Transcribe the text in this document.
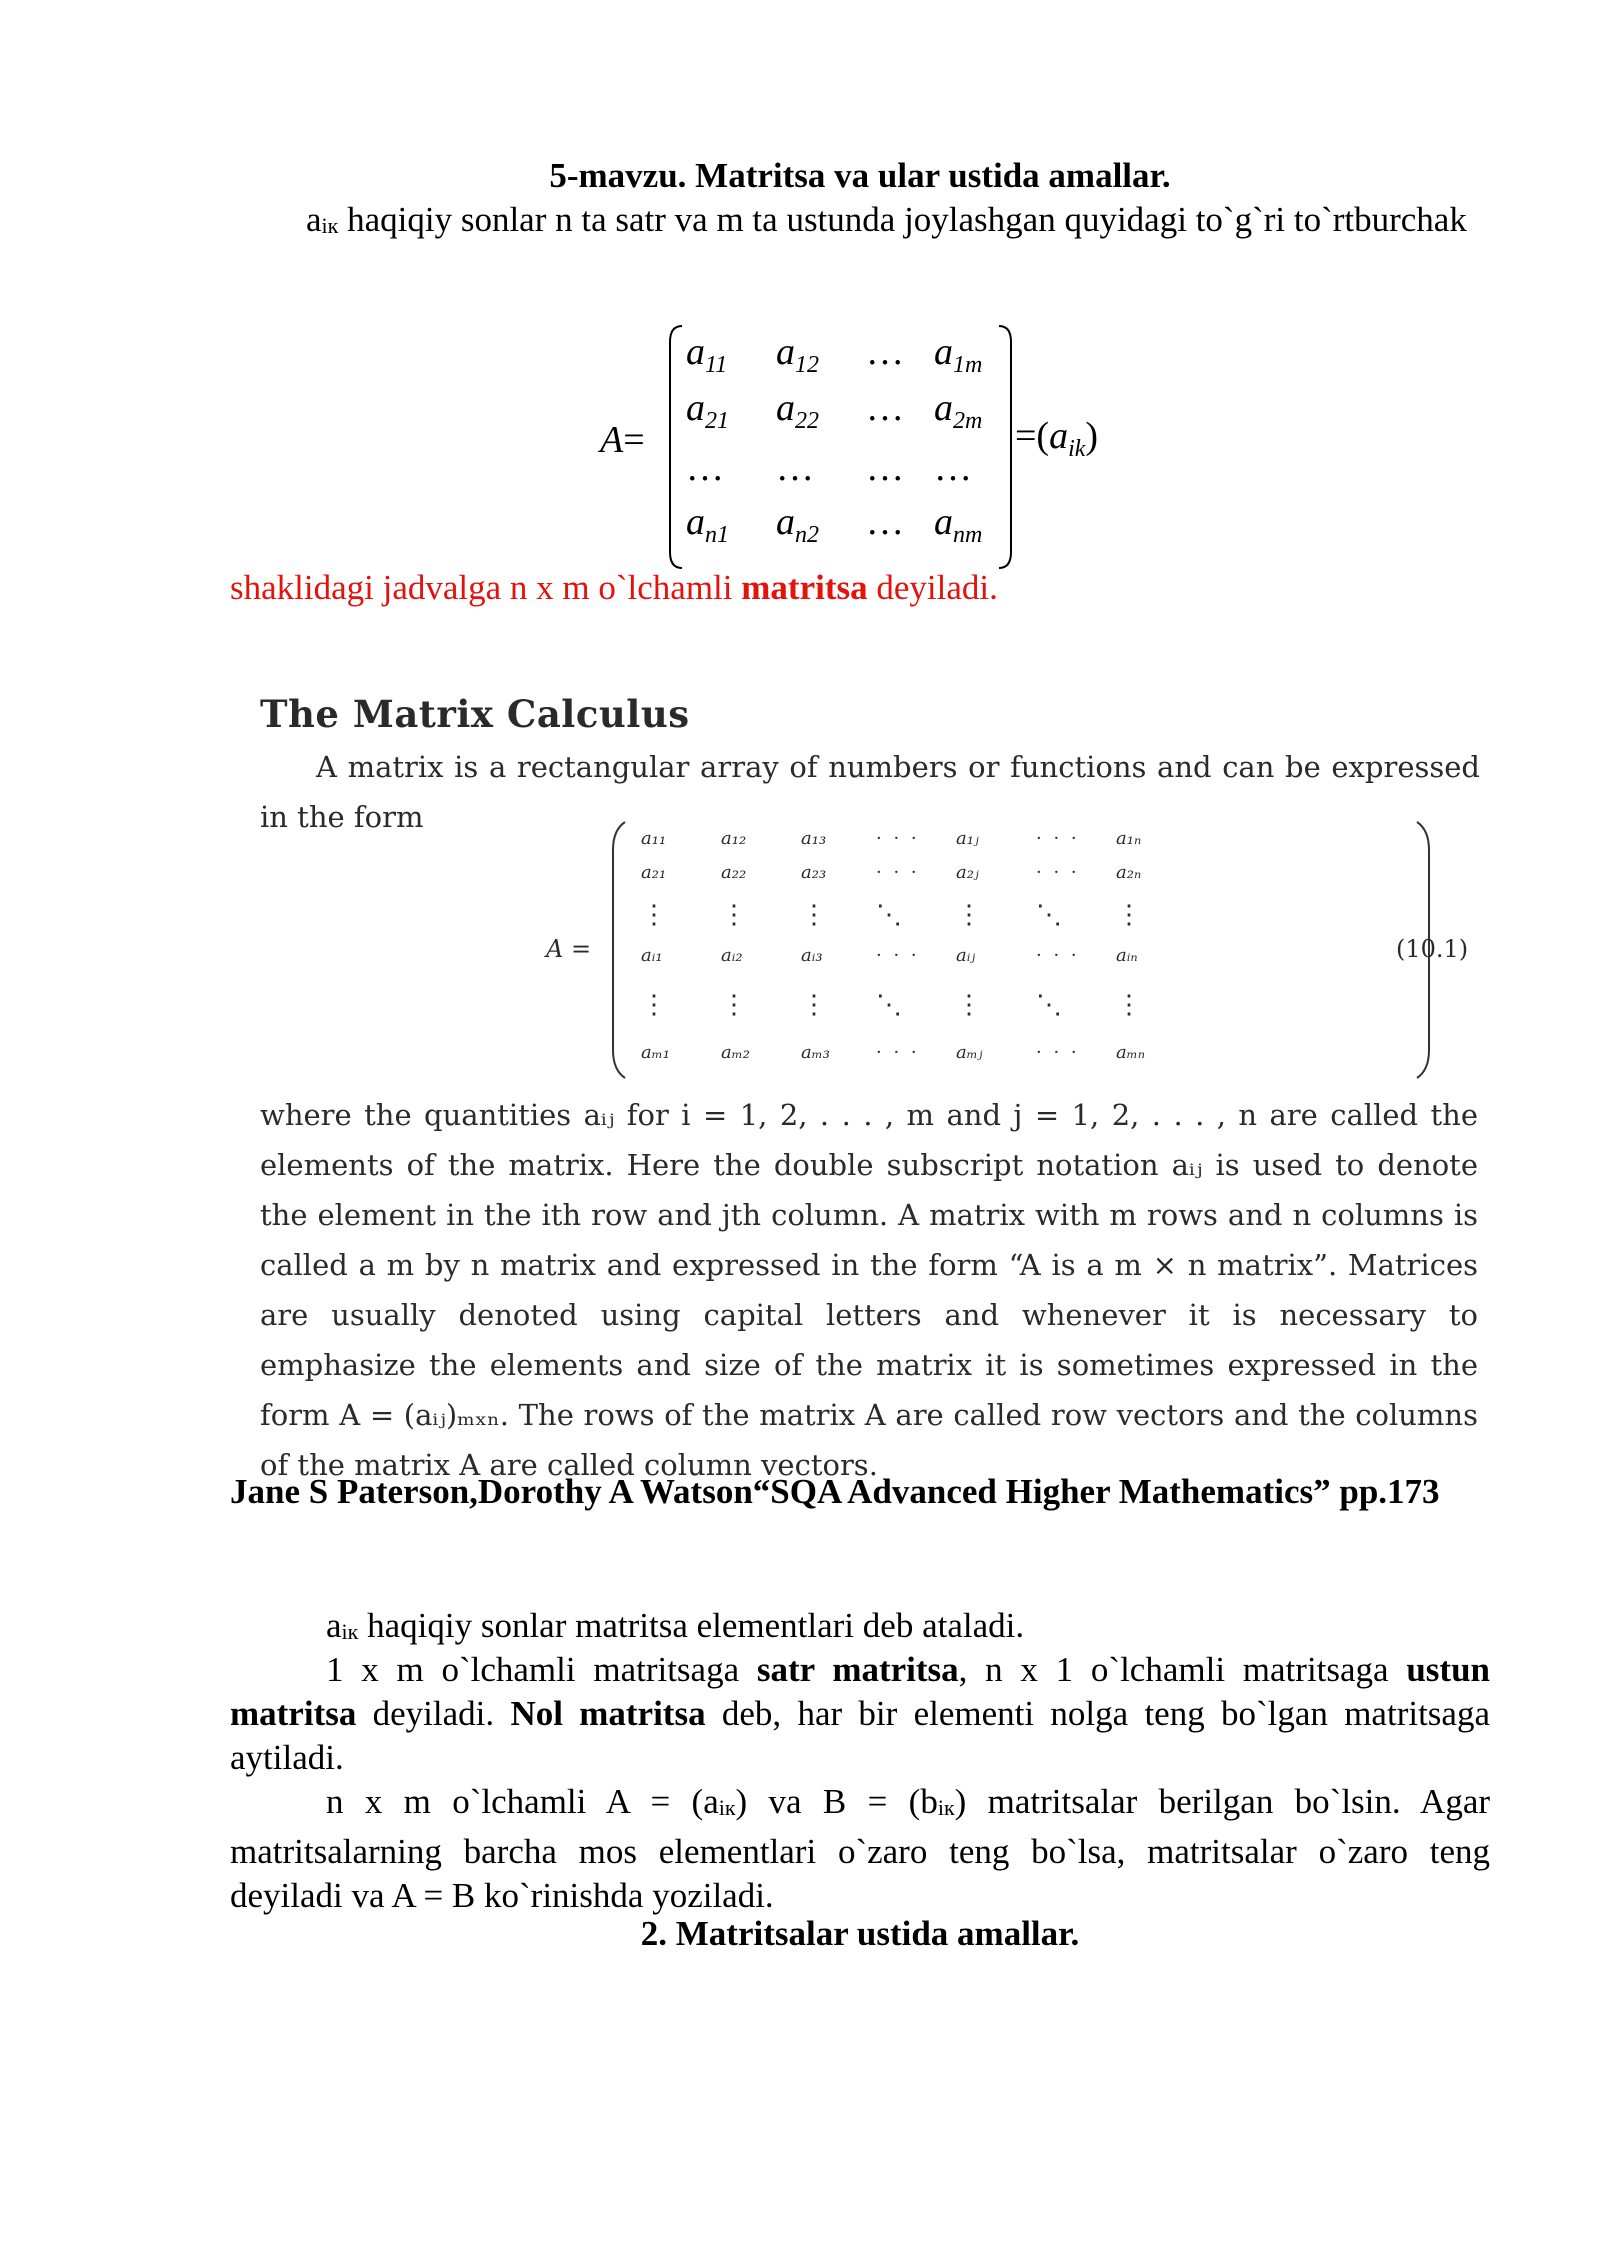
5-mavzu. Matritsa va ular ustida amallar.

$a_{iк}$ haqiqiy sonlar n ta satr va m ta ustunda joylashgan quyidagi to`g`ri to`rtburchak

A=
$a_{11}$ $a_{12}$ … $a_{1m}$
$a_{21}$ $a_{22}$ … $a_{2m}$
… … … …
$a_{n1}$ $a_{n2}$ … $a_{nm}$
$=(a_{ik})$

shaklidagi jadvalga n x m o`lchamli matritsa deyiladi.

The Matrix Calculus
A matrix is a rectangular array of numbers or functions and can be expressed in the form
A =
a₁₁	a₁₂	a₁₃	· · · a₁ⱼ	· · · a₁ₙ
a₂₁	a₂₂	a₂₃	· · · a₂ⱼ	· · · a₂ₙ
⋮ ⋮ ⋮ ⋱ ⋮ ⋱ ⋮
aᵢ₁	aᵢ₂	aᵢ₃	· · · aᵢⱼ	· · · aᵢₙ
⋮ ⋮ ⋮ ⋱ ⋮ ⋱ ⋮
aₘ₁	aₘ₂	aₘ₃	· · · aₘⱼ	· · · aₘₙ
(10.1)
where the quantities aᵢⱼ for i = 1, 2, . . . , m and j = 1, 2, . . . , n are called the elements of the matrix. Here the double subscript notation aᵢⱼ is used to denote the element in the ith row and jth column. A matrix with m rows and n columns is called a m by n matrix and expressed in the form “A is a m × n matrix”. Matrices are usually denoted using capital letters and whenever it is necessary to emphasize the elements and size of the matrix it is sometimes expressed in the form A = (aᵢⱼ)ₘₓₙ. The rows of the matrix A are called row vectors and the columns of the matrix A are called column vectors.

Jane S Paterson,Dorothy A Watson“SQA Advanced Higher Mathematics” pp.173

$a_{iк}$ haqiqiy sonlar matritsa elementlari deb ataladi.

1 x m o`lchamli matritsaga satr matritsa, n x 1 o`lchamli matritsaga ustun matritsa deyiladi. Nol matritsa deb, har bir elementi nolga teng bo`lgan matritsaga aytiladi.

n x m o`lchamli $A = (a_{iк})$ va $B = (b_{iк})$ matritsalar berilgan bo`lsin. Agar matritsalarning barcha mos elementlari o`zaro teng bo`lsa, matritsalar o`zaro teng deyiladi va A = B ko`rinishda yoziladi.

2. Matritsalar ustida amallar.
